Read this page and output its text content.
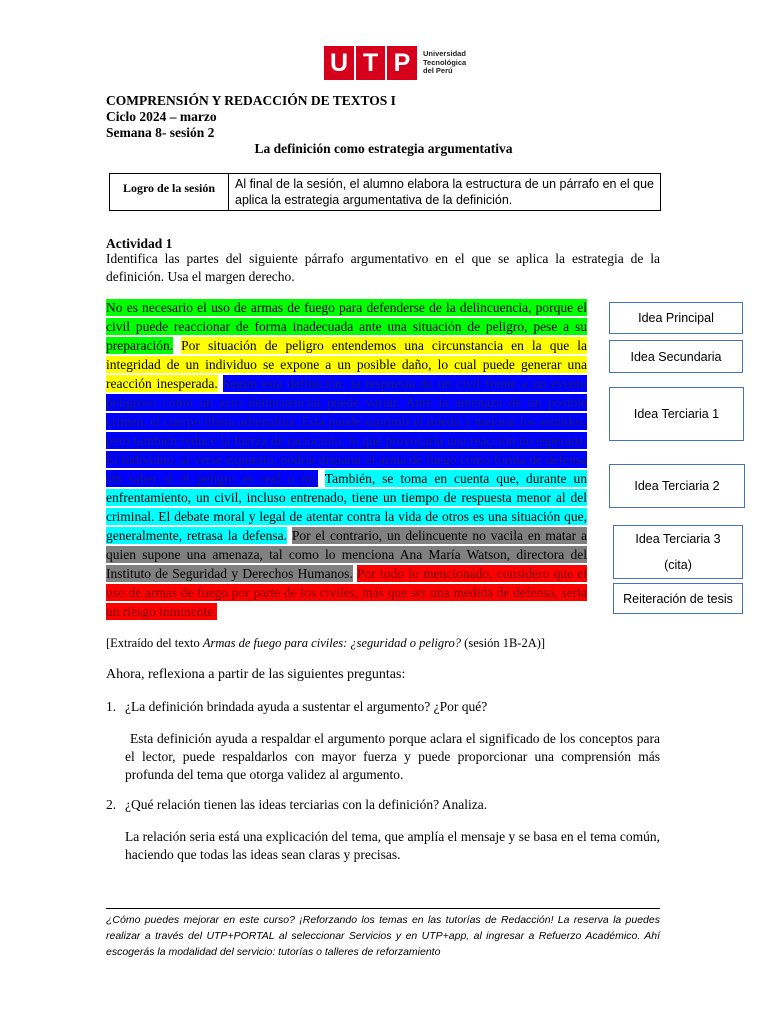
U T P	Universidad
Tecnológica
del Perú
COMPRENSIÓN Y REDACCIÓN DE TEXTOS I
Ciclo 2024 – marzo
Semana 8- sesión 2
La definición como estrategia argumentativa
Logro de la sesión	Al final de la sesión, el alumno elabora la estructura de un párrafo en el que aplica la estrategia argumentativa de la definición.
Actividad 1
Identifica las partes del siguiente párrafo argumentativo en el que se aplica la estrategia de la definición. Usa el margen derecho.
No es necesario el uso de armas de fuego para defenderse de la delincuencia, porque el civil puede reaccionar de forma inadecuada ante una situación de peligro, pese a su preparación. Por situación de peligro entendemos una circunstancia en la que la integridad de un individuo se expone a un posible daño, lo cual puede generar una reacción inesperada. Según esta definición, la respuesta de un civil frente a un evento peligroso como un acto delincuencial puede variar. Ante la amenaza de un posible crimen, el cuerpo libera adrenalina. Esta puede suprimir el miedo y mejorar los sentidos, pero también reduce la fuerza de raciocinio, lo que provocaría una reacción no esperada. El individuo, al verse expuesto, podría disparar el arma de fuego como forma de defensa sin saber si el peligro es real o no. También, se toma en cuenta que, durante un enfrentamiento, un civil, incluso entrenado, tiene un tiempo de respuesta menor al del criminal. El debate moral y legal de atentar contra la vida de otros es una situación que, generalmente, retrasa la defensa. Por el contrario, un delincuente no vacila en matar a quien supone una amenaza, tal como lo menciona Ana María Watson, directora del Instituto de Seguridad y Derechos Humanos. Por todo lo mencionado, considero que el uso de armas de fuego por parte de los civiles, más que ser una medida de defensa, sería un riesgo inminente.
Idea Principal
Idea Secundaria
Idea Terciaria 1
Idea Terciaria 2
Idea Terciaria 3
(cita)
Reiteración de tesis
[Extraído del texto Armas de fuego para civiles: ¿seguridad o peligro? (sesión 1B-2A)]
Ahora, reflexiona a partir de las siguientes preguntas:
1. ¿La definición brindada ayuda a sustentar el argumento? ¿Por qué?
Esta definición ayuda a respaldar el argumento porque aclara el significado de los conceptos para el lector, puede respaldarlos con mayor fuerza y puede proporcionar una comprensión más profunda del tema que otorga validez al argumento.
2. ¿Qué relación tienen las ideas terciarias con la definición? Analiza.
La relación seria está una explicación del tema, que amplía el mensaje y se basa en el tema común, haciendo que todas las ideas sean claras y precisas.
¿Cómo puedes mejorar en este curso? ¡Reforzando los temas en las tutorías de Redacción! La reserva la puedes realizar a través del UTP+PORTAL al seleccionar Servicios y en UTP+app, al ingresar a Refuerzo Académico. Ahí escogerás la modalidad del servicio: tutorías o talleres de reforzamiento
